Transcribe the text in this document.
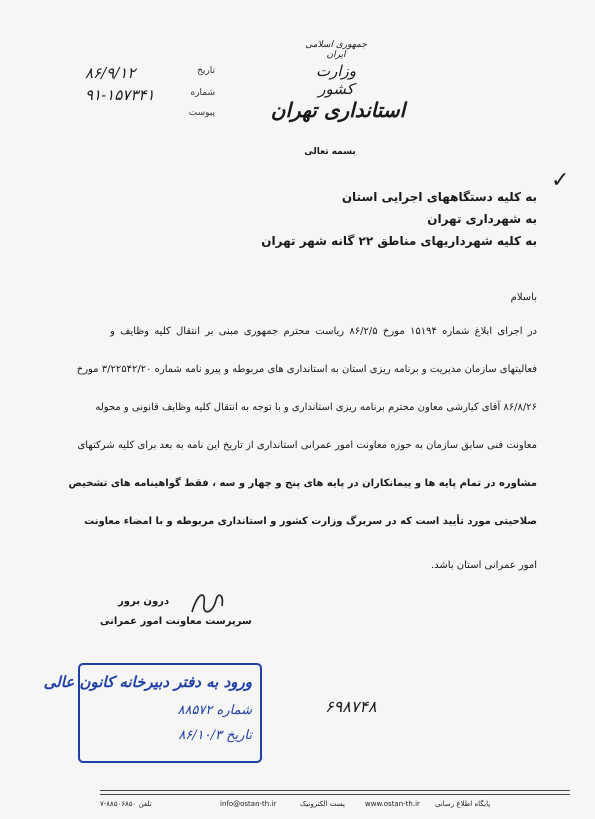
۸۶/۹/۱۲	تاریخ
۹۱-۱۵۷۳۴۱	شماره
پیوست
جمهوری اسلامی ایران
وزارت کشور
استانداری تهران
بسمه تعالی
✓
به کلیه دستگاههای اجرایی استان
به شهرداری تهران
به کلیه شهرداریهای مناطق ۲۲ گانه شهر تهران
باسلام
در اجرای ابلاغ شماره ۱۵۱۹۴ مورخ ۸۶/۲/۵ ریاست محترم جمهوری مبنی بر انتقال کلیه وظایف و
فعالیتهای سازمان مدیریت و برنامه ریزی استان به استانداری های مربوطه و پیرو نامه شماره ۳/۲۲۵۴۲/۲۰ مورخ
۸۶/۸/۲۶ آقای کیارشی معاون محترم برنامه ریزی استانداری و با توجه به انتقال کلیه وظایف قانونی و محوله
معاونت فنی سابق سازمان به حوزه معاونت امور عمرانی استانداری از تاریخ این نامه به بعد برای کلیه شرکتهای
مشاوره در تمام پایه ها و پیمانکاران در پایه های پنج و چهار و سه ، فقط گواهینامه های تشخیص
صلاحیتی مورد تأیید است که در سربرگ وزارت کشور و استانداری مربوطه و با امضاء معاونت
امور عمرانی استان باشد.
درون برور
سرپرست معاونت امور عمرانی
ورود به دفتر دبیرخانه کانون عالی
شماره ۸۸۵۷۲
تاریخ ۸۶/۱۰/۳
۶۹۸۷۴۸
تلفن ۸۸۵۰۶۸۵۰-۷	info@ostan-th.ir	پست الکترونیک	www.ostan-th.ir پایگاه اطلاع رسانی
